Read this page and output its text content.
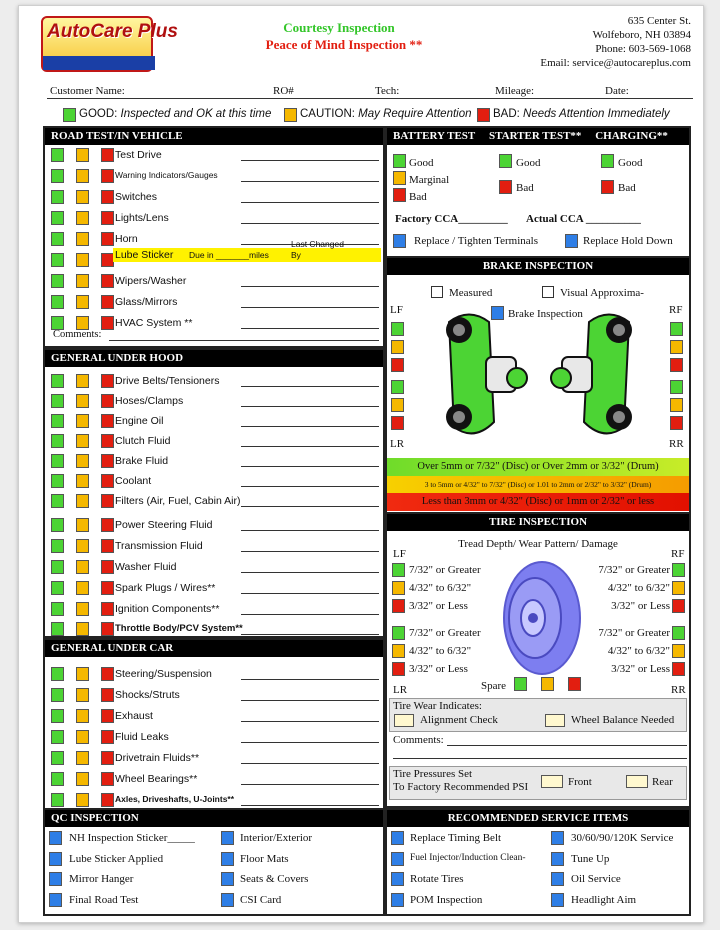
AutoCare Plus	Courtesy Inspection
Peace of Mind Inspection **
635 Center St.
Wolfeboro, NH 03894
Phone: 603-569-1068
Email: service@autocareplus.com
Customer Name:	RO#	Tech:	Mileage:	Date:
GOOD: Inspected and OK at this time CAUTION: May Require Attention BAD: Needs Attention Immediately
ROAD TEST/IN VEHICLE
GENERAL UNDER HOOD
GENERAL UNDER CAR
QC INSPECTION
Test Drive
Warning Indicators/Gauges
Switches
Lights/Lens
Horn
Wipers/Washer
Glass/Mirrors
HVAC System **
Drive Belts/Tensioners
Hoses/Clamps
Engine Oil
Clutch Fluid
Brake Fluid
Coolant
Filters (Air, Fuel, Cabin Air)
Power Steering Fluid
Transmission Fluid
Washer Fluid
Spark Plugs / Wires**
Ignition Components**
Throttle Body/PCV System**
Steering/Suspension
Shocks/Struts
Exhaust
Fluid Leaks
Drivetrain Fluids**
Wheel Bearings**
Axles, Driveshafts, U-Joints**
Lube Sticker Due in _______miles
Last Changed
By
Comments:
NH Inspection Sticker_____	Interior/Exterior
Lube Sticker Applied	Floor Mats
Mirror Hanger	Seats & Covers
Final Road Test	CSI Card
BATTERY TEST STARTER TEST** CHARGING**
Good
Marginal
Bad
Good
Bad
Good
Bad
Factory CCA_________ Actual CCA __________
Replace / Tighten Terminals	Replace Hold Down
BRAKE INSPECTION
Measured	Visual Approxima-
Brake Inspection
LF	RF
LR	RR
Over 5mm or 7/32" (Disc) or Over 2mm or 3/32" (Drum)
3 to 5mm or 4/32" to 7/32" (Disc) or 1.01 to 2mm or 2/32" to 3/32" (Drum)
Less than 3mm or 4/32" (Disc) or 1mm or 2/32" or less
TIRE INSPECTION
Tread Depth/ Wear Pattern/ Damage
LF	RF
LR	RR
7/32" or Greater	7/32" or Greater
4/32" to 6/32"	4/32" to 6/32"
3/32" or Less	3/32" or Less
7/32" or Greater	7/32" or Greater
4/32" to 6/32"	4/32" to 6/32"
3/32" or Less	3/32" or Less
Spare
Tire Wear Indicates:
Alignment Check	Wheel Balance Needed
Comments:
Tire Pressures Set
To Factory Recommended PSI	Front	Rear
RECOMMENDED SERVICE ITEMS
Replace Timing Belt	30/60/90/120K Service
Fuel Injector/Induction Clean-	Tune Up
Rotate Tires	Oil Service
POM Inspection	Headlight Aim
